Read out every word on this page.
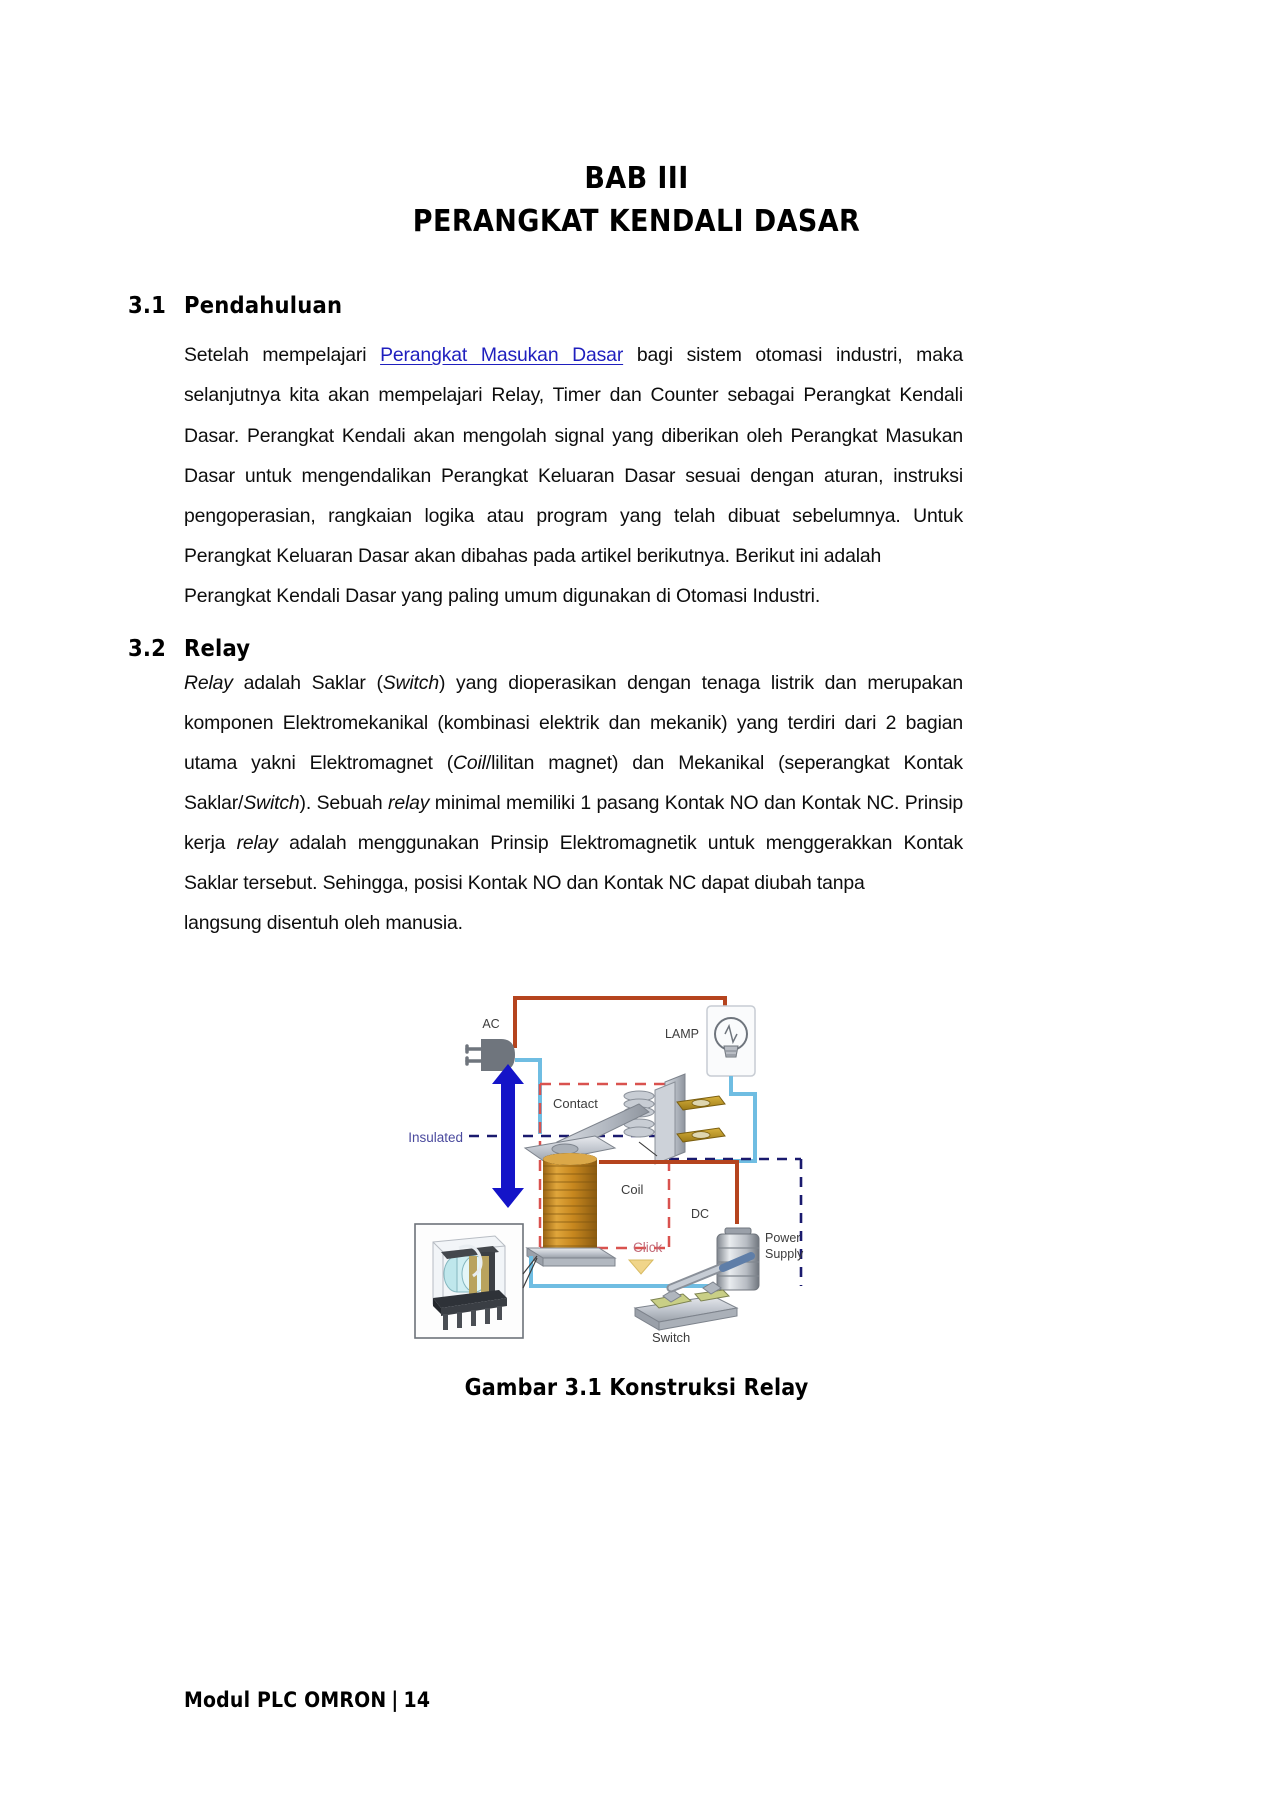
BAB III
PERANGKAT KENDALI DASAR
3.1 Pendahuluan

Setelah mempelajari Perangkat Masukan Dasar bagi sistem otomasi industri, maka selanjutnya kita akan mempelajari Relay, Timer dan Counter sebagai Perangkat Kendali Dasar. Perangkat Kendali akan mengolah signal yang diberikan oleh Perangkat Masukan Dasar untuk mengendalikan Perangkat Keluaran Dasar sesuai dengan aturan, instruksi pengoperasian, rangkaian logika atau program yang telah dibuat sebelumnya. Untuk Perangkat Keluaran Dasar akan dibahas pada artikel berikutnya. Berikut ini adalah
Perangkat Kendali Dasar yang paling umum digunakan di Otomasi Industri.

3.2 Relay

Relay adalah Saklar (Switch) yang dioperasikan dengan tenaga listrik dan merupakan komponen Elektromekanikal (kombinasi elektrik dan mekanik) yang terdiri dari 2 bagian utama yakni Elektromagnet (Coil/lilitan magnet) dan Mekanikal (seperangkat Kontak Saklar/Switch). Sebuah relay minimal memiliki 1 pasang Kontak NO dan Kontak NC. Prinsip kerja relay adalah menggunakan Prinsip Elektromagnetik untuk menggerakkan Kontak Saklar tersebut. Sehingga, posisi Kontak NO dan Kontak NC dapat diubah tanpa
langsung disentuh oleh manusia.

AC
LAMP
Insulated
Contact
Coil
Click
DC
Power
Supply
Switch
Gambar 3.1 Konstruksi Relay
Modul PLC OMRON | 14
